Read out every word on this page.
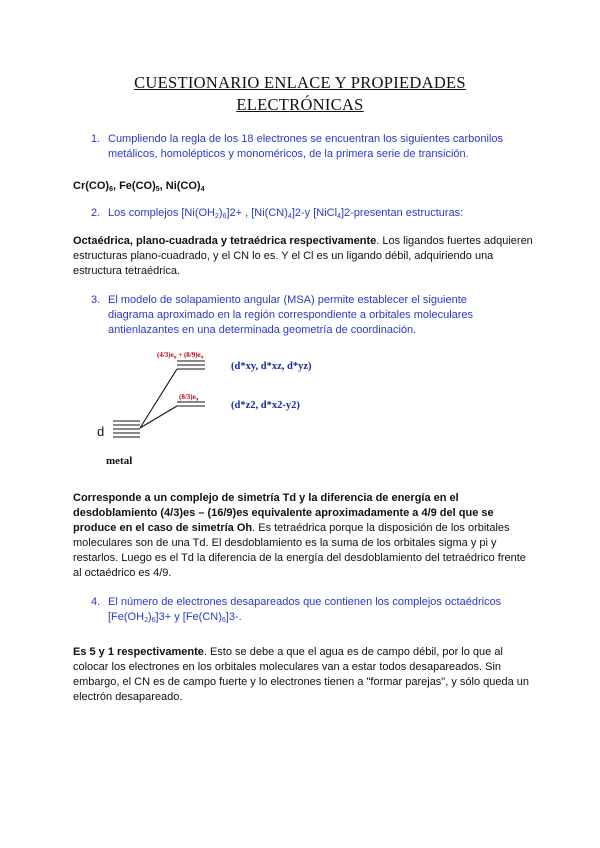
CUESTIONARIO ENLACE Y PROPIEDADES
ELECTRÓNICAS
1. Cumpliendo la regla de los 18 electrones se encuentran los siguientes carbonilos metálicos, homolépticos y monoméricos, de la primera serie de transición.
$Cr(CO)_6$, $Fe(CO)_5$, $Ni(CO)_4$
2. Los complejos $[Ni(OH_2)_6]2+$ , $[Ni(CN)_4]2-y$ [NiCl$_4$]2-presentan estructuras:
Octaédrica, plano-cuadrada y tetraédrica respectivamente. Los ligandos fuertes adquieren estructuras plano-cuadrado, y el CN lo es. Y el Cl es un ligando débil, adquiriendo una estructura tetraédrica.
3. El modelo de solapamiento angular (MSA) permite establecer el siguiente diagrama aproximado en la región correspondiente a orbitales moleculares antienlazantes en una determinada geometría de coordinación.
$(4/3)e_\sigma + (8/9)e_\pi$
$(8/3)e_\pi$
(d*xy, d*xz, d*yz)
(d*z2, d*x2-y2)
d
metal
Corresponde a un complejo de simetría Td y la diferencia de energía en el desdoblamiento (4/3)es – (16/9)es equivalente aproximadamente a 4/9 del que se produce en el caso de simetría Oh. Es tetraédrica porque la disposición de los orbitales moleculares son de una Td. El desdoblamiento es la suma de los orbitales sigma y pi y restarlos. Luego es el Td la diferencia de la energía del desdoblamiento del tetraédrico frente al octaédrico es 4/9.
4. El número de electrones desapareados que contienen los complejos octaédricos
$[Fe(OH_2)_6]3+ y$ $[Fe(CN)_6]3-$.
Es 5 y 1 respectivamente. Esto se debe a que el agua es de campo débil, por lo que al colocar los electrones en los orbitales moleculares van a estar todos desapareados. Sin embargo, el CN es de campo fuerte y lo electrones tienen a "formar parejas", y sólo queda un electrón desapareado.
